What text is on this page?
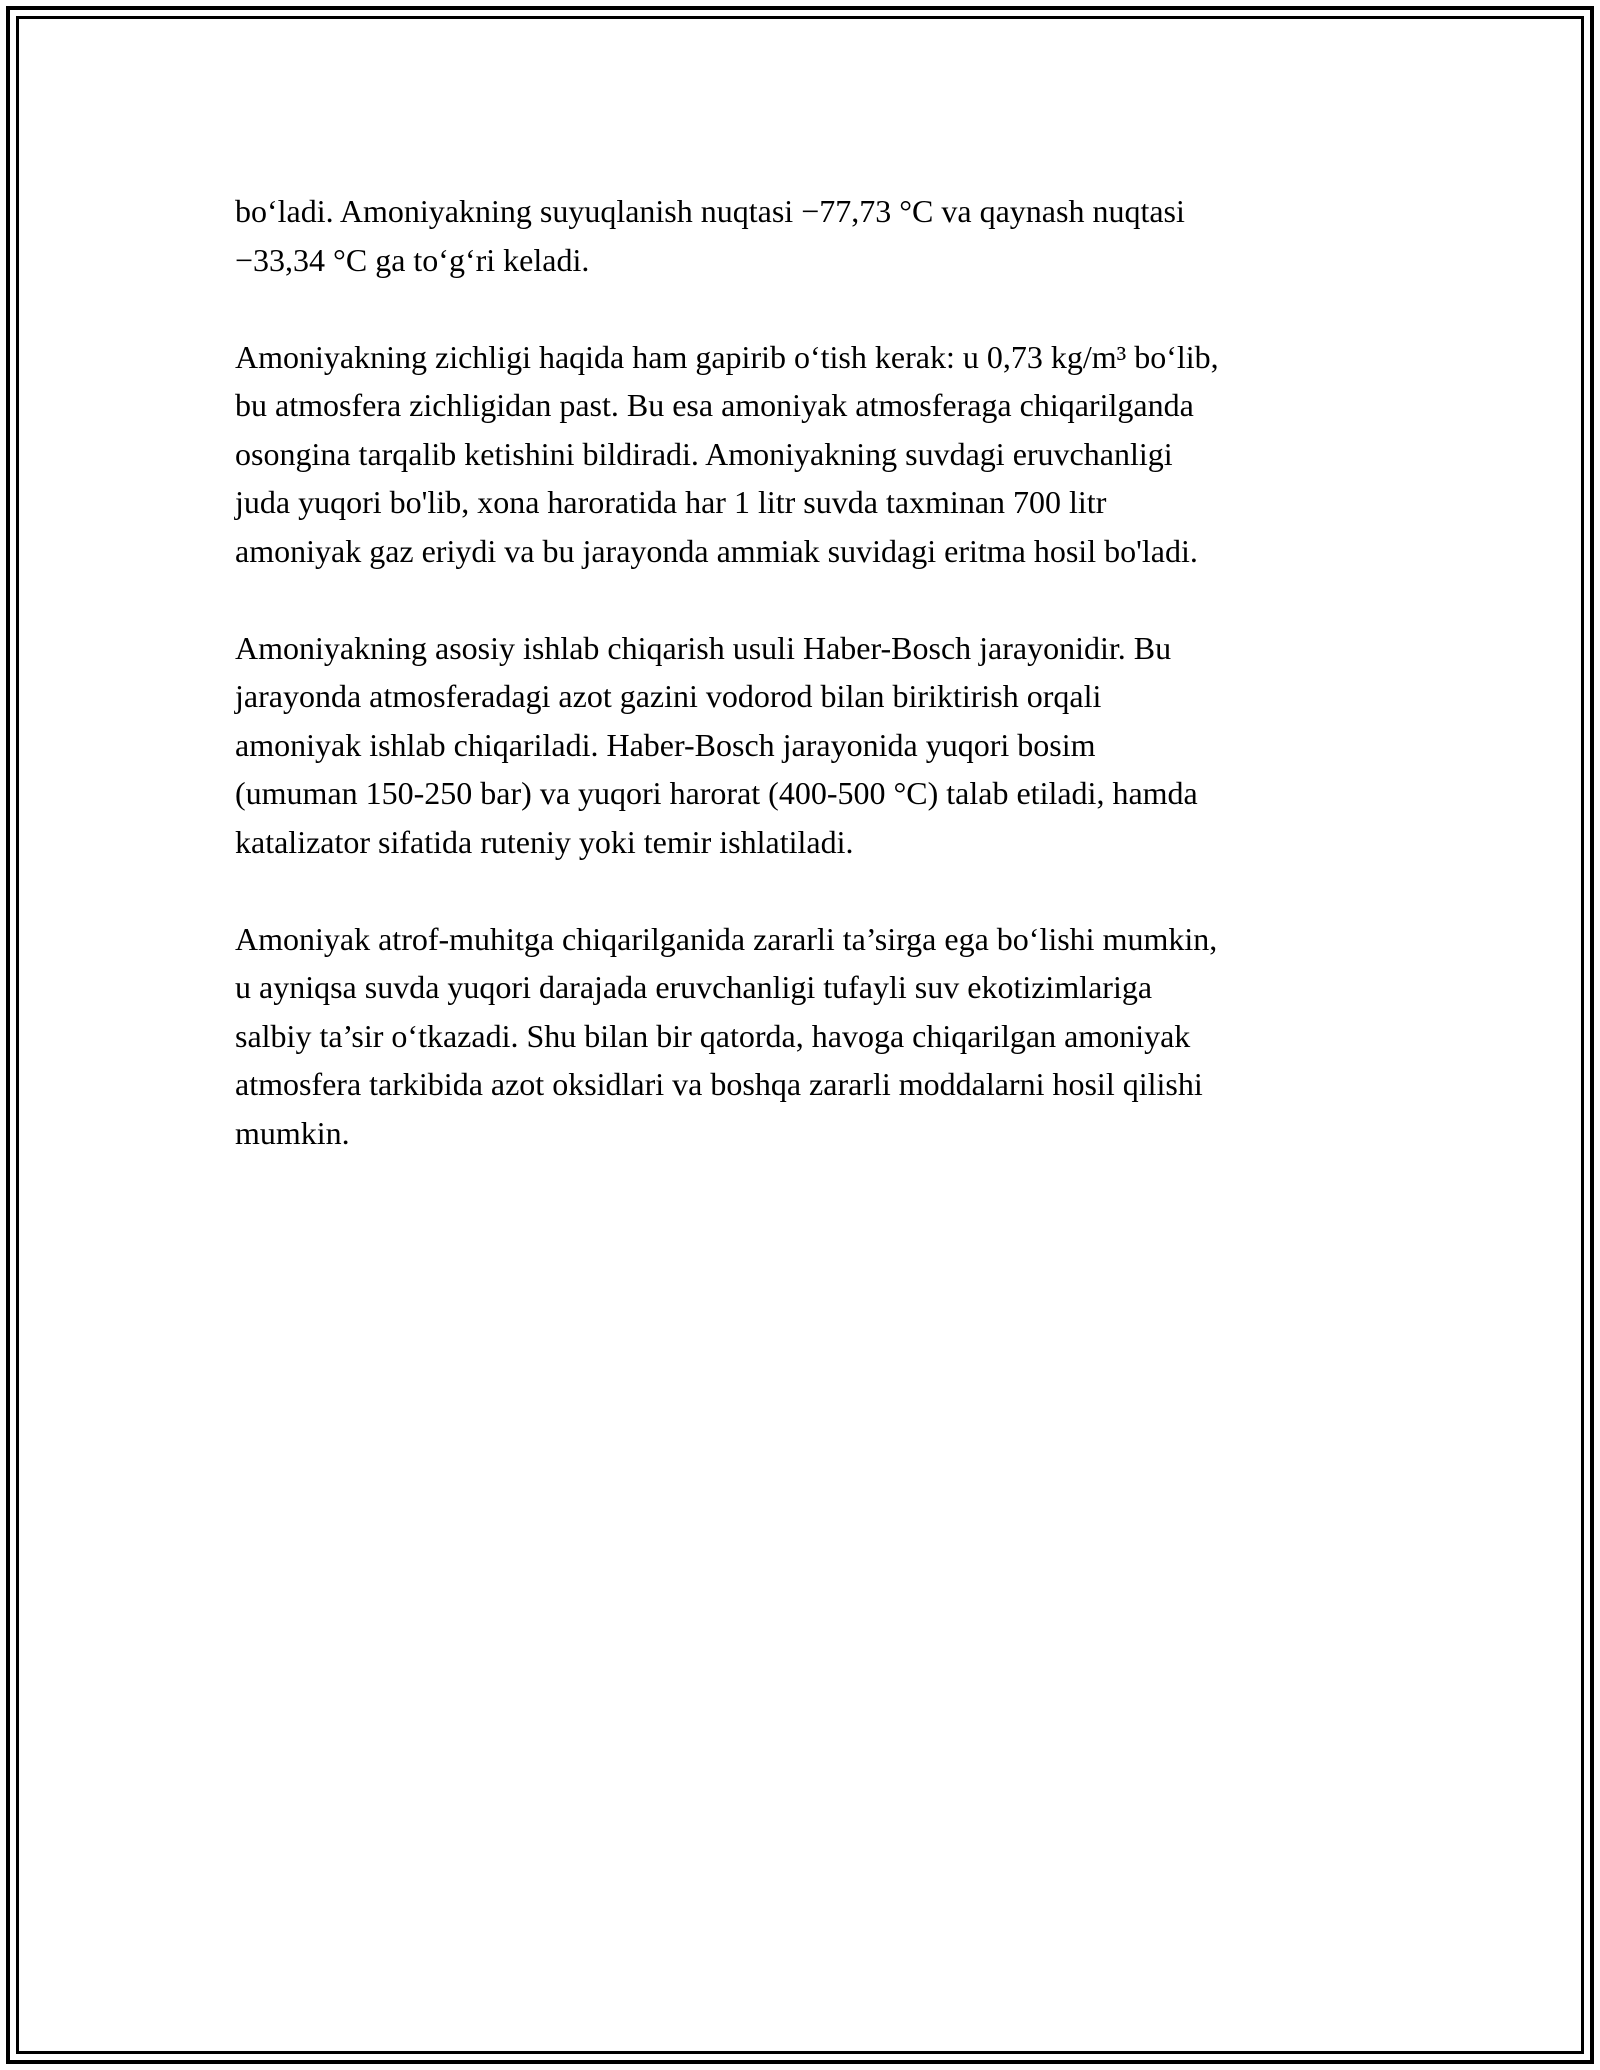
bo‘ladi. Amoniyakning suyuqlanish nuqtasi −77,73 °C va qaynash nuqtasi
−33,34 °C ga to‘g‘ri keladi.

Amoniyakning zichligi haqida ham gapirib o‘tish kerak: u 0,73 kg/m³ bo‘lib,
bu atmosfera zichligidan past. Bu esa amoniyak atmosferaga chiqarilganda
osongina tarqalib ketishini bildiradi. Amoniyakning suvdagi eruvchanligi
juda yuqori bo'lib, xona haroratida har 1 litr suvda taxminan 700 litr
amoniyak gaz eriydi va bu jarayonda ammiak suvidagi eritma hosil bo'ladi.

Amoniyakning asosiy ishlab chiqarish usuli Haber-Bosch jarayonidir. Bu
jarayonda atmosferadagi azot gazini vodorod bilan biriktirish orqali
amoniyak ishlab chiqariladi. Haber-Bosch jarayonida yuqori bosim
(umuman 150-250 bar) va yuqori harorat (400-500 °C) talab etiladi, hamda
katalizator sifatida ruteniy yoki temir ishlatiladi.

Amoniyak atrof-muhitga chiqarilganida zararli ta’sirga ega bo‘lishi mumkin,
u ayniqsa suvda yuqori darajada eruvchanligi tufayli suv ekotizimlariga
salbiy ta’sir o‘tkazadi. Shu bilan bir qatorda, havoga chiqarilgan amoniyak
atmosfera tarkibida azot oksidlari va boshqa zararli moddalarni hosil qilishi
mumkin.
